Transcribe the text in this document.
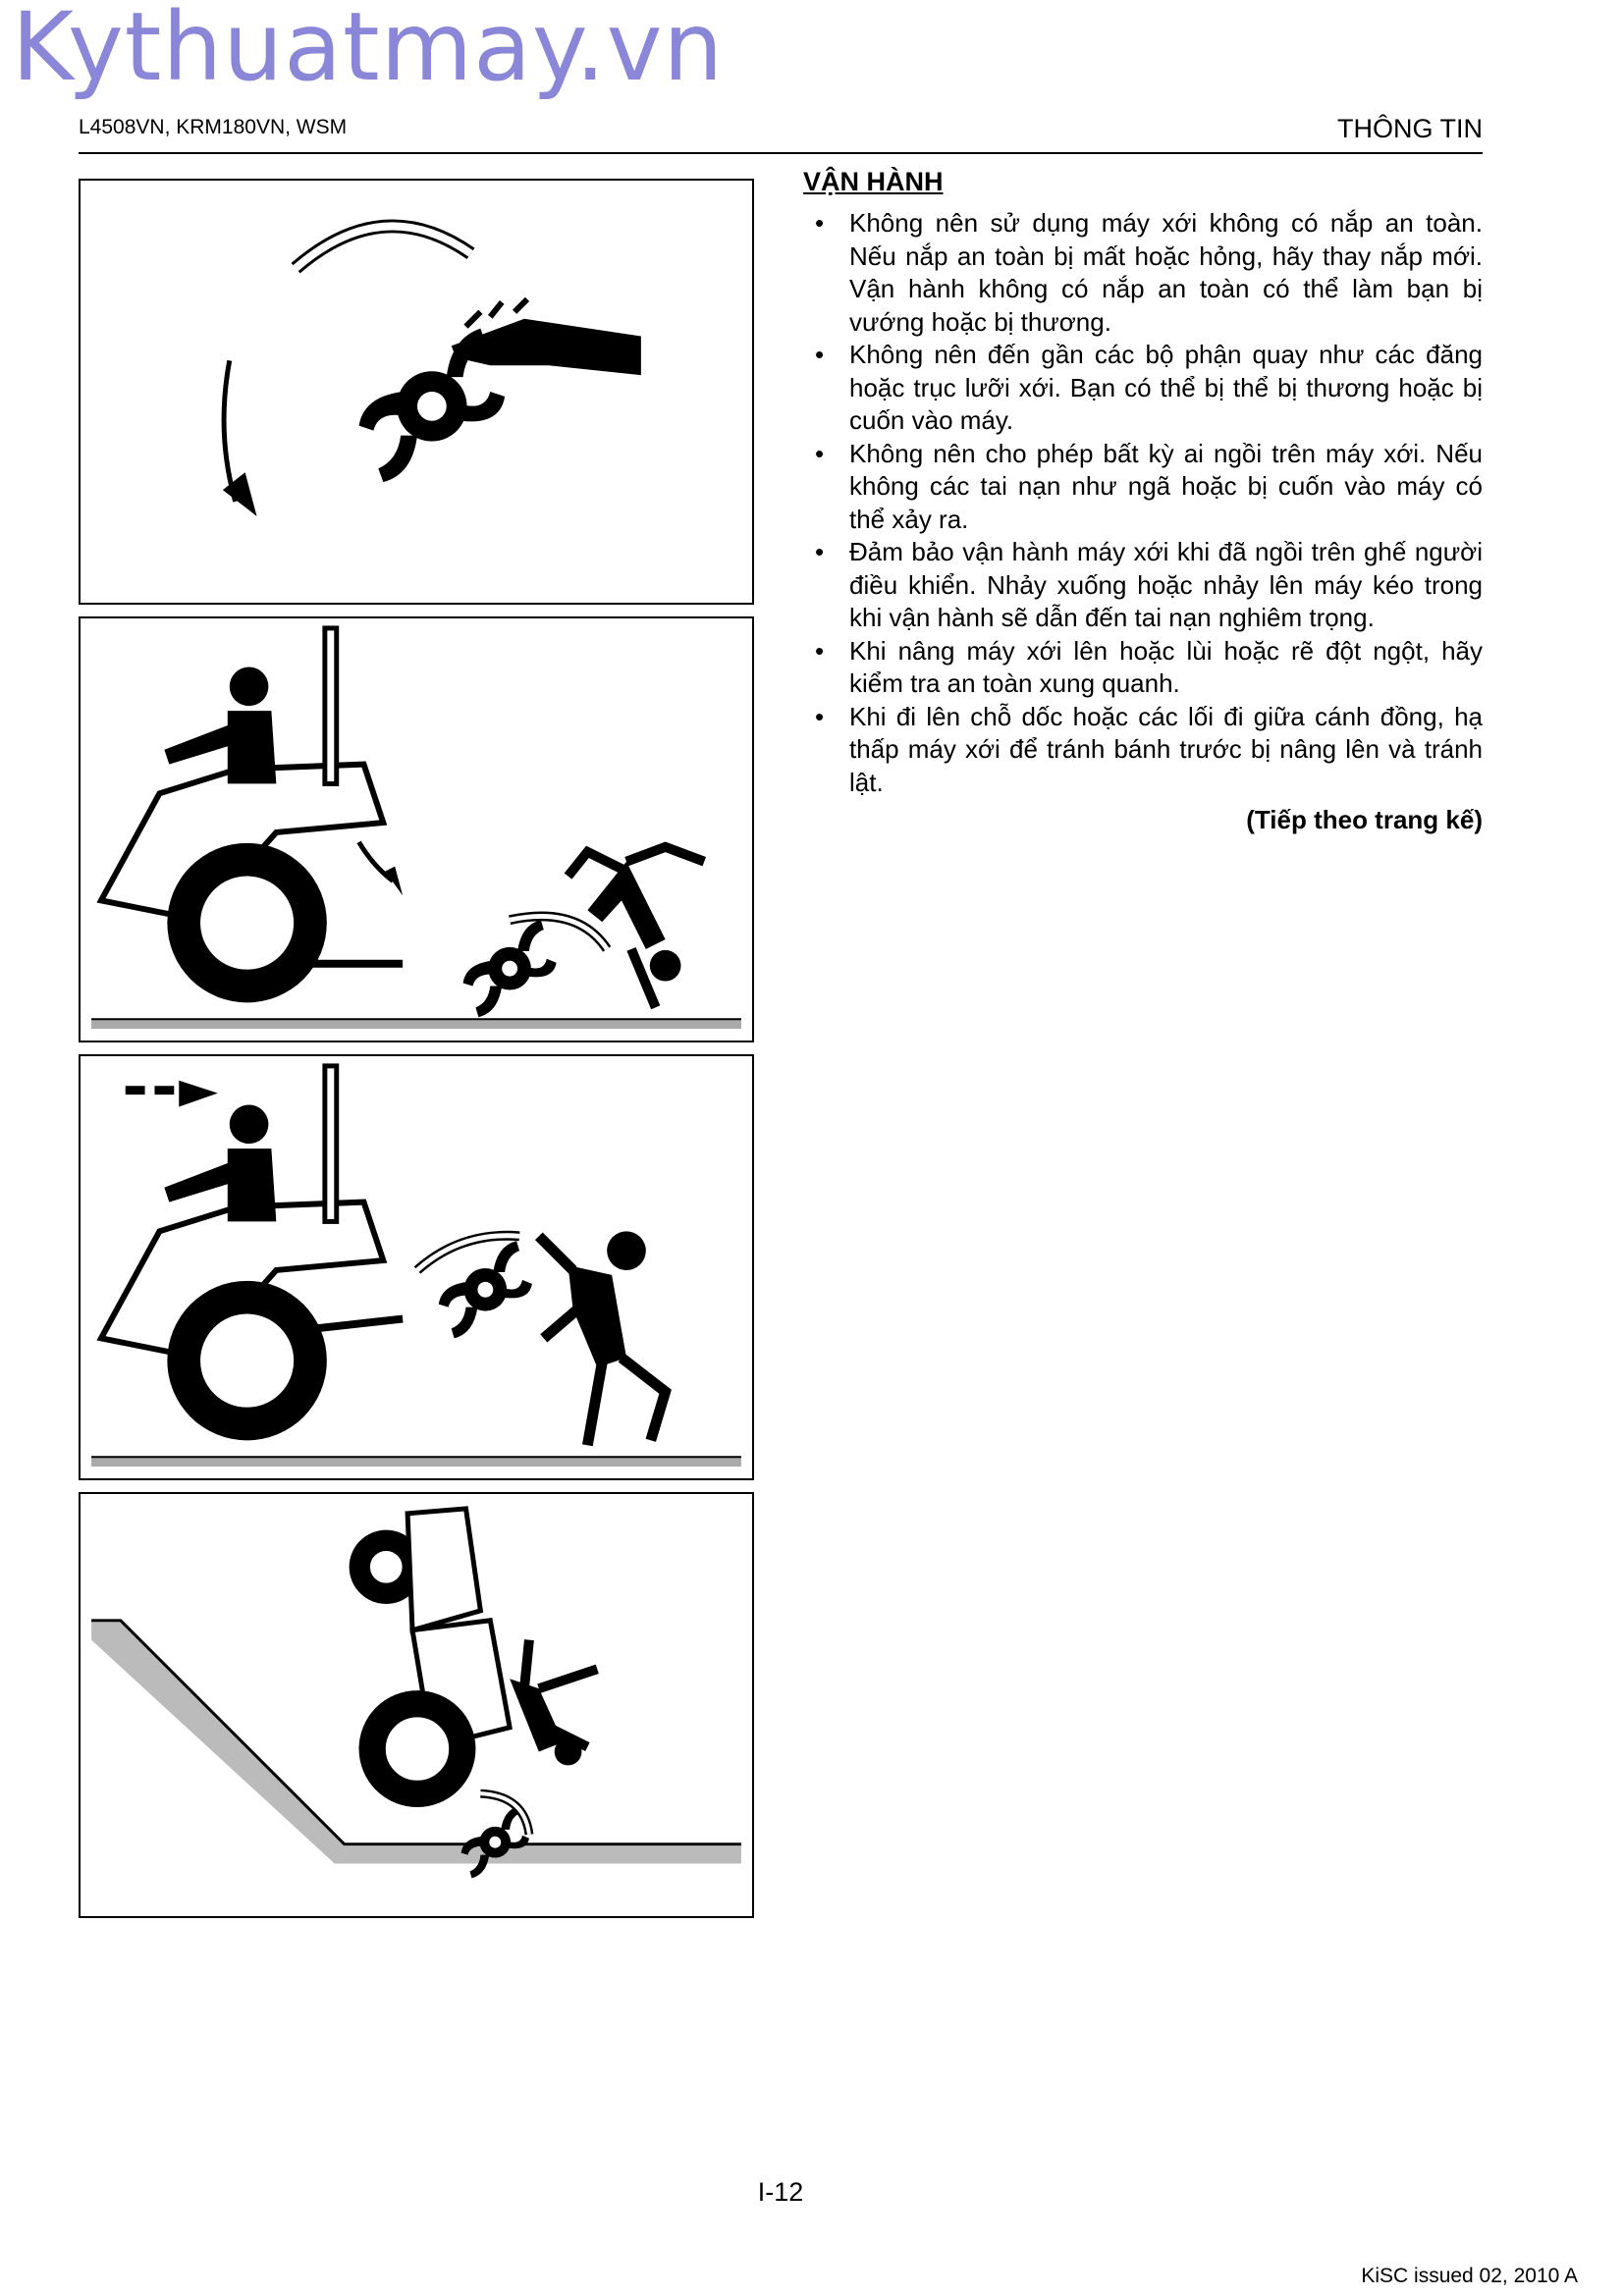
Kythuatmay.vn
L4508VN, KRM180VN, WSM	THÔNG TIN
VẬN HÀNH
• Không nên sử dụng máy xới không có nắp an toàn. Nếu nắp an toàn bị mất hoặc hỏng, hãy thay nắp mới. Vận hành không có nắp an toàn có thể làm bạn bị vướng hoặc bị thương.
• Không nên đến gần các bộ phận quay như các đăng hoặc trục lưỡi xới. Bạn có thể bị thể bị thương hoặc bị cuốn vào máy.
• Không nên cho phép bất kỳ ai ngồi trên máy xới. Nếu không các tai nạn như ngã hoặc bị cuốn vào máy có thể xảy ra.
• Đảm bảo vận hành máy xới khi đã ngồi trên ghế người điều khiển. Nhảy xuống hoặc nhảy lên máy kéo trong khi vận hành sẽ dẫn đến tai nạn nghiêm trọng.
• Khi nâng máy xới lên hoặc lùi hoặc rẽ đột ngột, hãy kiểm tra an toàn xung quanh.
• Khi đi lên chỗ dốc hoặc các lối đi giữa cánh đồng, hạ thấp máy xới để tránh bánh trước bị nâng lên và tránh lật.
(Tiếp theo trang kế)
I-12
KiSC issued 02, 2010 A
